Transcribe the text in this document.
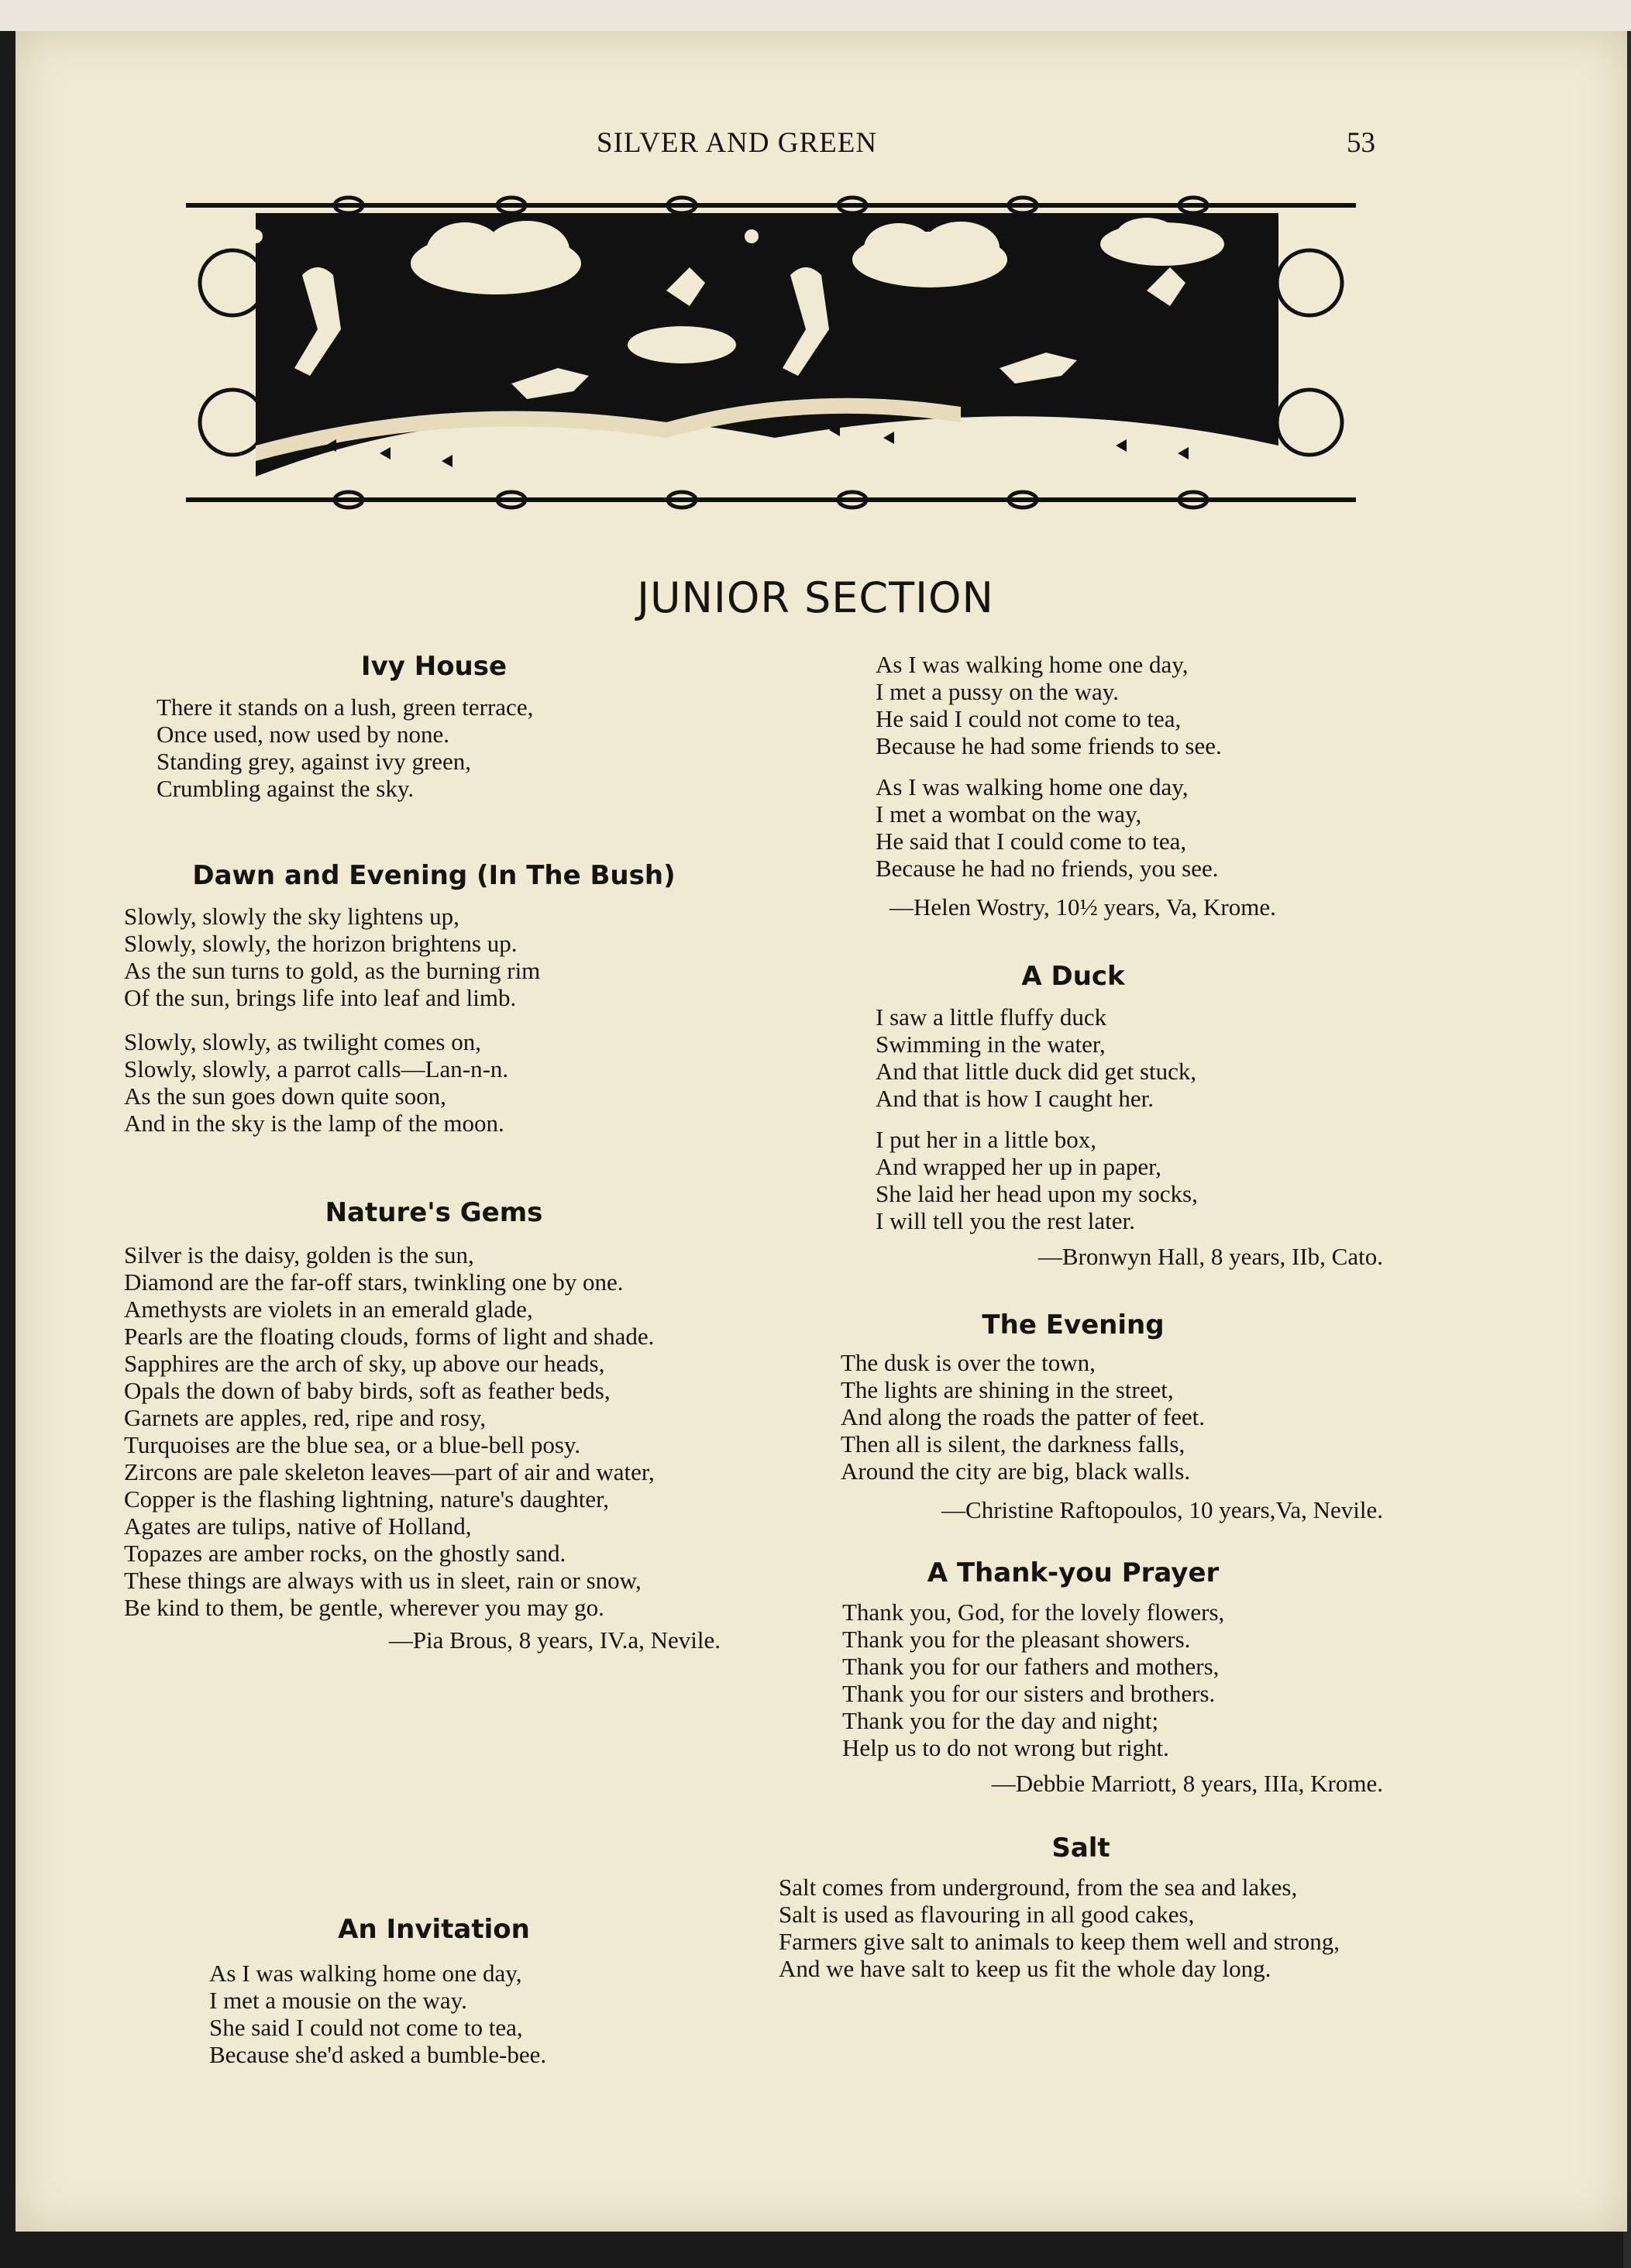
SILVER AND GREEN	53
JUNIOR SECTION
Ivy House
There it stands on a lush, green terrace,
Once used, now used by none.
Standing grey, against ivy green,
Crumbling against the sky.
Dawn and Evening (In The Bush)
Slowly, slowly the sky lightens up,
Slowly, slowly, the horizon brightens up.
As the sun turns to gold, as the burning rim
Of the sun, brings life into leaf and limb.
Slowly, slowly, as twilight comes on,
Slowly, slowly, a parrot calls—Lan-n-n.
As the sun goes down quite soon,
And in the sky is the lamp of the moon.
Nature's Gems
Silver is the daisy, golden is the sun,
Diamond are the far-off stars, twinkling one by one.
Amethysts are violets in an emerald glade,
Pearls are the floating clouds, forms of light and shade.
Sapphires are the arch of sky, up above our heads,
Opals the down of baby birds, soft as feather beds,
Garnets are apples, red, ripe and rosy,
Turquoises are the blue sea, or a blue-bell posy.
Zircons are pale skeleton leaves—part of air and water,
Copper is the flashing lightning, nature's daughter,
Agates are tulips, native of Holland,
Topazes are amber rocks, on the ghostly sand.
These things are always with us in sleet, rain or snow,
Be kind to them, be gentle, wherever you may go.
—Pia Brous, 8 years, IV.a, Nevile.
An Invitation
As I was walking home one day,
I met a mousie on the way.
She said I could not come to tea,
Because she'd asked a bumble-bee.
As I was walking home one day,
I met a pussy on the way.
He said I could not come to tea,
Because he had some friends to see.
As I was walking home one day,
I met a wombat on the way,
He said that I could come to tea,
Because he had no friends, you see.
—Helen Wostry, 10½ years, Va, Krome.
A Duck
I saw a little fluffy duck
Swimming in the water,
And that little duck did get stuck,
And that is how I caught her.
I put her in a little box,
And wrapped her up in paper,
She laid her head upon my socks,
I will tell you the rest later.
—Bronwyn Hall, 8 years, IIb, Cato.
The Evening
The dusk is over the town,
The lights are shining in the street,
And along the roads the patter of feet.
Then all is silent, the darkness falls,
Around the city are big, black walls.
—Christine Raftopoulos, 10 years,Va, Nevile.
A Thank-you Prayer
Thank you, God, for the lovely flowers,
Thank you for the pleasant showers.
Thank you for our fathers and mothers,
Thank you for our sisters and brothers.
Thank you for the day and night;
Help us to do not wrong but right.
—Debbie Marriott, 8 years, IIIa, Krome.
Salt
Salt comes from underground, from the sea and lakes,
Salt is used as flavouring in all good cakes,
Farmers give salt to animals to keep them well and strong,
And we have salt to keep us fit the whole day long.
